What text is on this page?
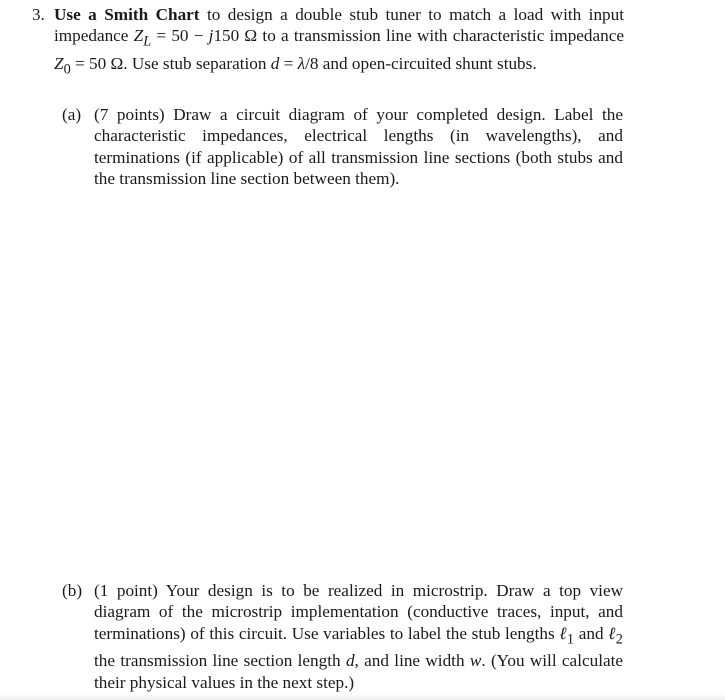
3. Use a Smith Chart to design a double stub tuner to match a load with input impedance $Z_L = 50 - j150$ Ω to a transmission line with characteristic impedance $Z_0 = 50$ Ω. Use stub separation d = λ/8 and open-circuited shunt stubs.
(a) (7 points) Draw a circuit diagram of your completed design. Label the characteristic impedances, electrical lengths (in wavelengths), and terminations (if applicable) of all transmission line sections (both stubs and the transmission line section between them).
(b) (1 point) Your design is to be realized in microstrip. Draw a top view diagram of the microstrip implementation (conductive traces, input, and terminations) of this circuit. Use variables to label the stub lengths ℓ$_1$ and ℓ$_2$ the transmission line section length d, and line width w. (You will calculate their physical values in the next step.)
